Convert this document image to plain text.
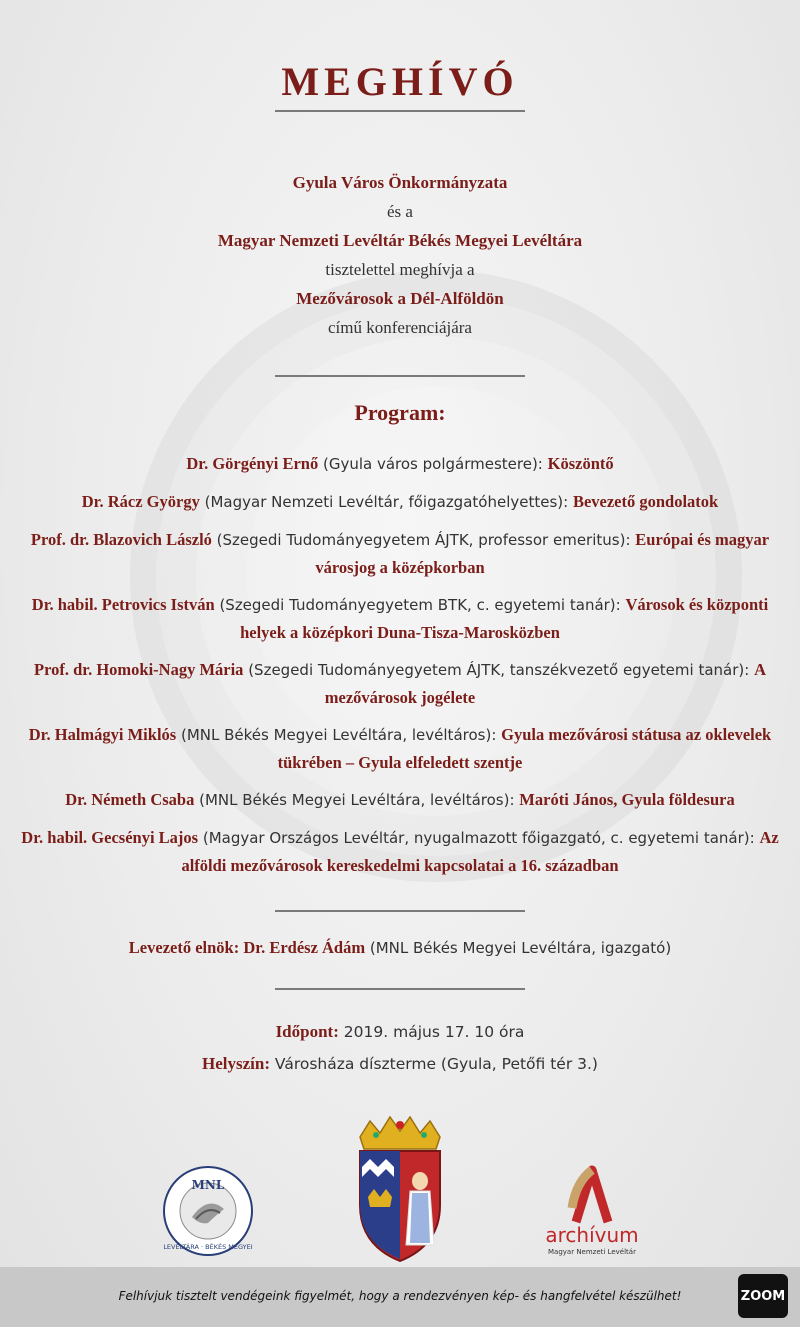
MEGHÍVÓ
Gyula Város Önkormányzata
és a
Magyar Nemzeti Levéltár Békés Megyei Levéltára
tisztelettel meghívja a
Mezővárosok a Dél-Alföldön
című konferenciájára
Program:
Dr. Görgényi Ernő (Gyula város polgármestere): Köszöntő
Dr. Rácz György (Magyar Nemzeti Levéltár, főigazgatóhelyettes): Bevezető gondolatok
Prof. dr. Blazovich László (Szegedi Tudományegyetem ÁJTK, professor emeritus): Európai és magyar városjog a középkorban
Dr. habil. Petrovics István (Szegedi Tudományegyetem BTK, c. egyetemi tanár): Városok és központi helyek a középkori Duna-Tisza-Marosközben
Prof. dr. Homoki-Nagy Mária (Szegedi Tudományegyetem ÁJTK, tanszékvezető egyetemi tanár): A mezővárosok jogélete
Dr. Halmágyi Miklós (MNL Békés Megyei Levéltára, levéltáros): Gyula mezővárosi státusa az oklevelek tükrében – Gyula elfeledett szentje
Dr. Németh Csaba (MNL Békés Megyei Levéltára, levéltáros): Maróti János, Gyula földesura
Dr. habil. Gecsényi Lajos (Magyar Országos Levéltár, nyugalmazott főigazgató, c. egyetemi tanár): Az alföldi mezővárosok kereskedelmi kapcsolatai a 16. században
Levezető elnök: Dr. Erdész Ádám (MNL Békés Megyei Levéltára, igazgató)
Időpont: 2019. május 17. 10 óra
Helyszín: Városháza díszterme (Gyula, Petőfi tér 3.)
MNL
LEVÉLTÁRA · BÉKÉS MEGYEI	archívum
Magyar Nemzeti Levéltár
Felhívjuk tisztelt vendégeink figyelmét, hogy a rendezvényen kép- és hangfelvétel készülhet!	ZOOM
